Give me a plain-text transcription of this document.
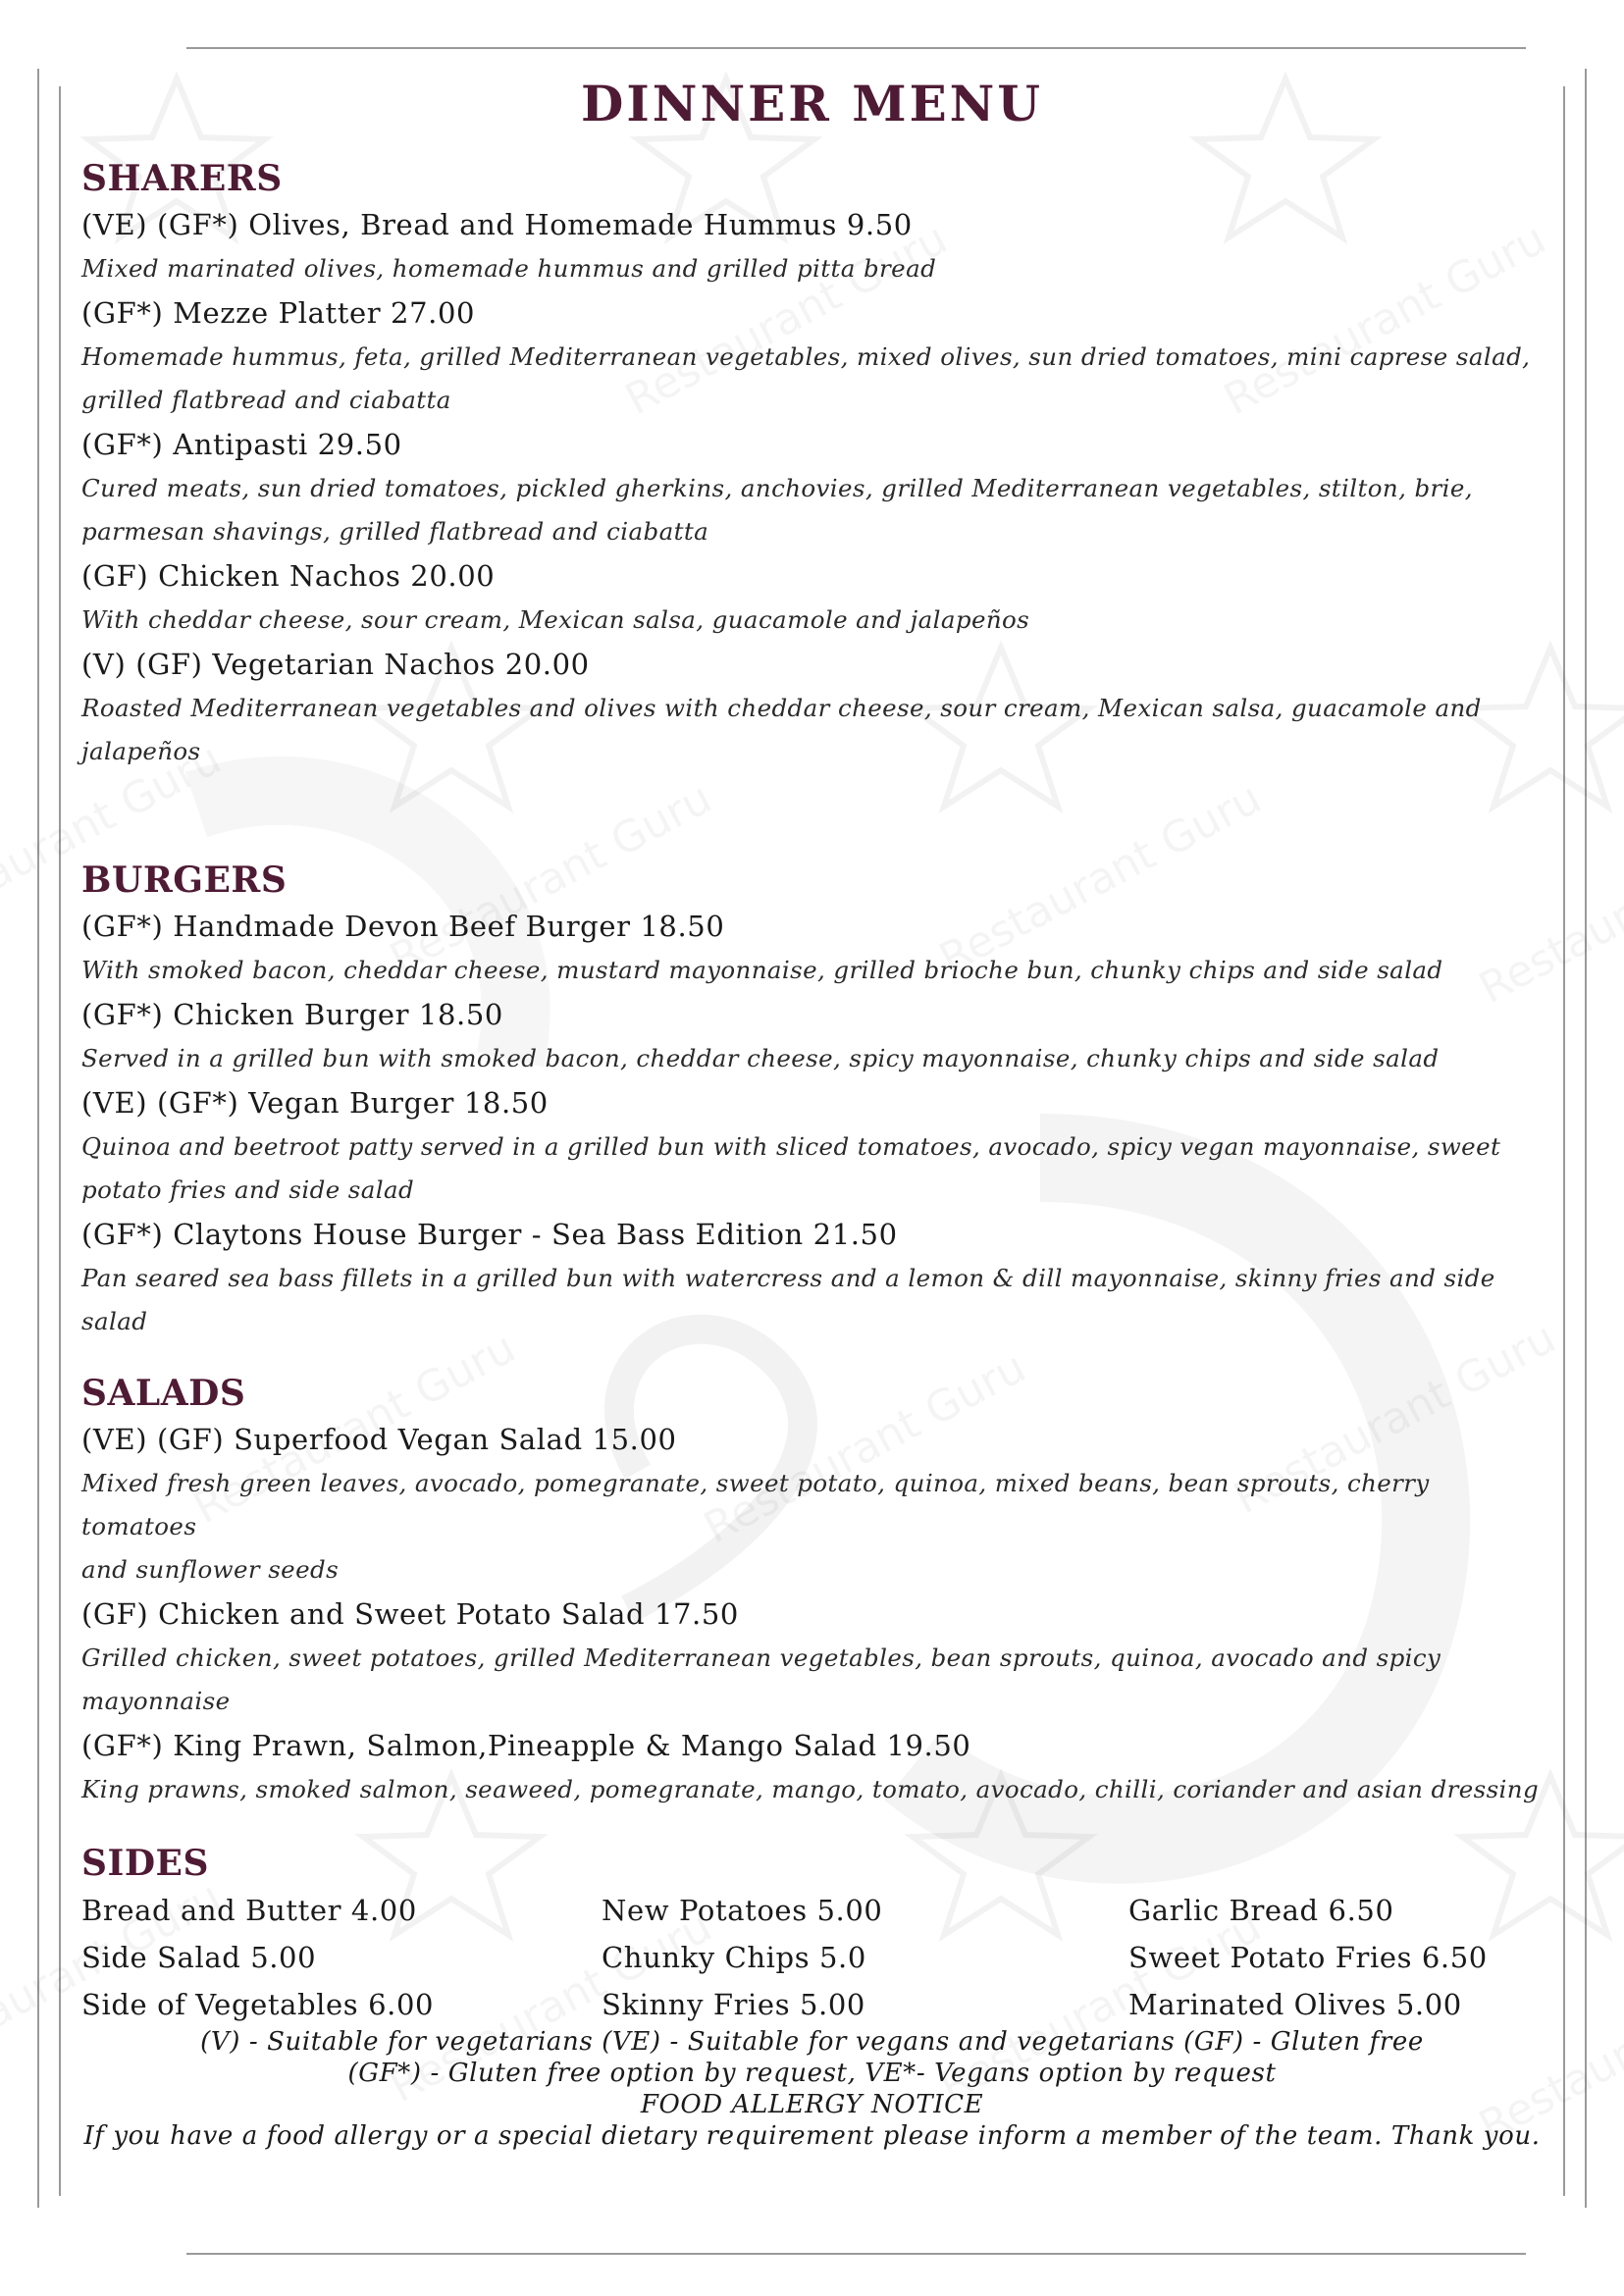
DINNER MENU
SHARERS
(VE) (GF*) Olives, Bread and Homemade Hummus 9.50
Mixed marinated olives, homemade hummus and grilled pitta bread
(GF*) Mezze Platter 27.00
Homemade hummus, feta, grilled Mediterranean vegetables, mixed olives, sun dried tomatoes, mini caprese salad,
grilled flatbread and ciabatta
(GF*) Antipasti 29.50
Cured meats, sun dried tomatoes, pickled gherkins, anchovies, grilled Mediterranean vegetables, stilton, brie,
parmesan shavings, grilled flatbread and ciabatta
(GF) Chicken Nachos 20.00
With cheddar cheese, sour cream, Mexican salsa, guacamole and jalapeños
(V) (GF) Vegetarian Nachos 20.00
Roasted Mediterranean vegetables and olives with cheddar cheese, sour cream, Mexican salsa, guacamole and
jalapeños
BURGERS
(GF*) Handmade Devon Beef Burger 18.50
With smoked bacon, cheddar cheese, mustard mayonnaise, grilled brioche bun, chunky chips and side salad
(GF*) Chicken Burger 18.50
Served in a grilled bun with smoked bacon, cheddar cheese, spicy mayonnaise, chunky chips and side salad
(VE) (GF*) Vegan Burger 18.50
Quinoa and beetroot patty served in a grilled bun with sliced tomatoes, avocado, spicy vegan mayonnaise, sweet
potato fries and side salad
(GF*) Claytons House Burger - Sea Bass Edition 21.50
Pan seared sea bass fillets in a grilled bun with watercress and a lemon & dill mayonnaise, skinny fries and side
salad
SALADS
(VE) (GF) Superfood Vegan Salad 15.00
Mixed fresh green leaves, avocado, pomegranate, sweet potato, quinoa, mixed beans, bean sprouts, cherry tomatoes
and sunflower seeds
(GF) Chicken and Sweet Potato Salad 17.50
Grilled chicken, sweet potatoes, grilled Mediterranean vegetables, bean sprouts, quinoa, avocado and spicy
mayonnaise
(GF*) King Prawn, Salmon,Pineapple & Mango Salad 19.50
King prawns, smoked salmon, seaweed, pomegranate, mango, tomato, avocado, chilli, coriander and asian dressing
SIDES
Bread and Butter 4.00
Side Salad 5.00
Side of Vegetables 6.00
New Potatoes 5.00
Chunky Chips 5.0
Skinny Fries 5.00
Garlic Bread 6.50
Sweet Potato Fries 6.50
Marinated Olives 5.00
(V) - Suitable for vegetarians (VE) - Suitable for vegans and vegetarians (GF) - Gluten free
(GF*) - Gluten free option by request, VE*- Vegans option by request
FOOD ALLERGY NOTICE
If you have a food allergy or a special dietary requirement please inform a member of the team. Thank you.
